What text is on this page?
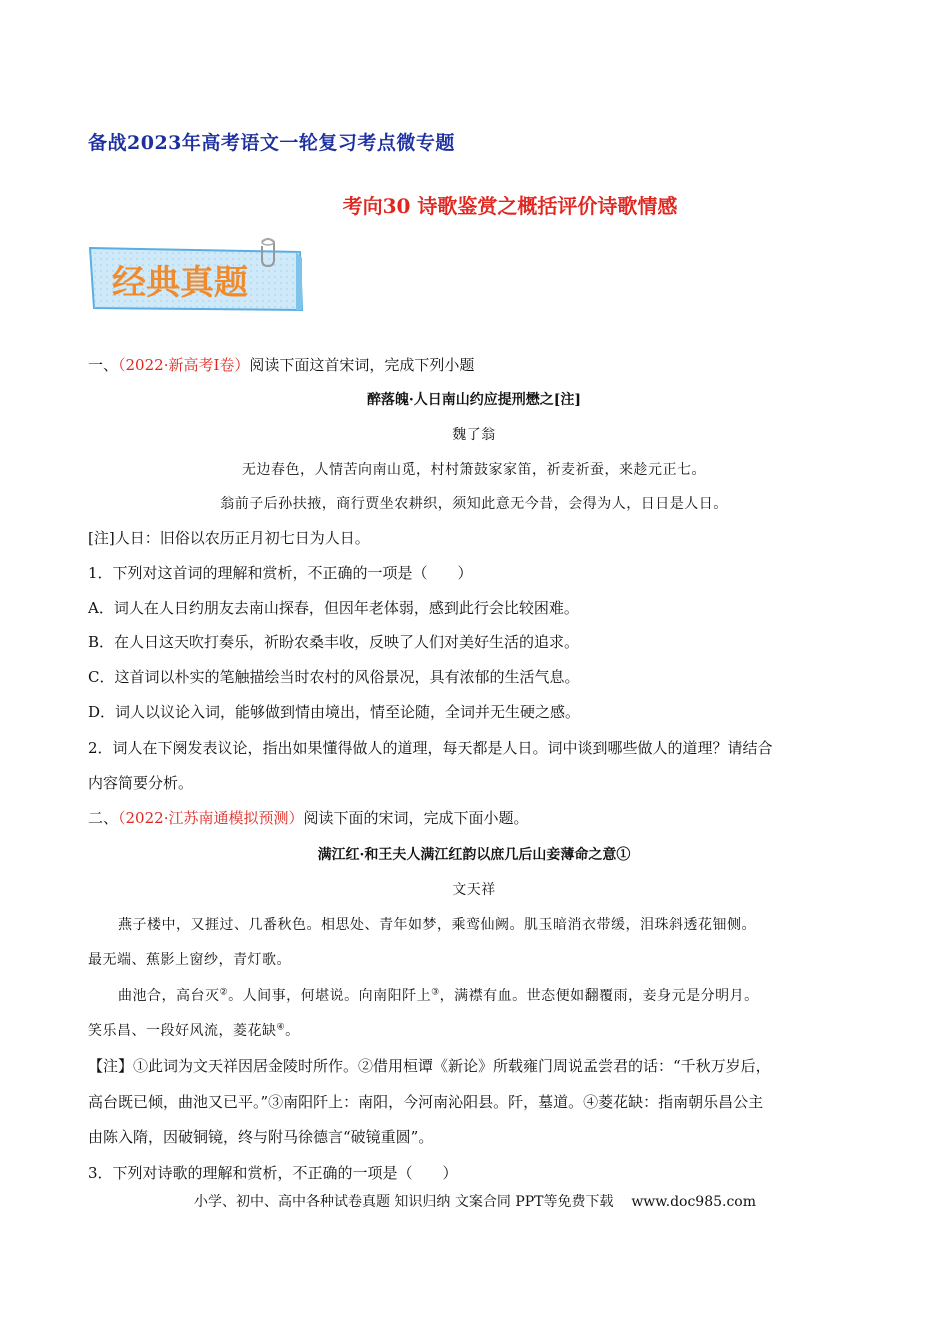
备战2023年高考语文一轮复习考点微专题
考向30 诗歌鉴赏之概括评价诗歌情感
经典真题
一、（2022·新高考Ⅰ卷）阅读下面这首宋词，完成下列小题
醉落魄·人日南山约应提刑懋之[注]
魏了翁
无边春色，人情苦向南山觅，村村箫鼓家家笛，祈麦祈蚕，来趁元正七。
翁前子后孙扶掖，商行贾坐农耕织，须知此意无今昔，会得为人，日日是人日。
[注]人日：旧俗以农历正月初七日为人日。
1．下列对这首词的理解和赏析，不正确的一项是（　　）
A．词人在人日约朋友去南山探春，但因年老体弱，感到此行会比较困难。
B．在人日这天吹打奏乐，祈盼农桑丰收，反映了人们对美好生活的追求。
C．这首词以朴实的笔触描绘当时农村的风俗景况，具有浓郁的生活气息。
D．词人以议论入词，能够做到情由境出，情至论随，全词并无生硬之感。
2．词人在下阕发表议论，指出如果懂得做人的道理，每天都是人日。词中谈到哪些做人的道理？请结合
内容简要分析。
二、（2022·江苏南通模拟预测）阅读下面的宋词，完成下面小题。
满江红·和王夫人满江红韵以庶几后山妾薄命之意①
文天祥
燕子楼中，又捱过、几番秋色。相思处、青年如梦，乘鸾仙阙。肌玉暗消衣带缓，泪珠斜透花钿侧。
最无端、蕉影上窗纱，青灯歌。
曲池合，高台灭②。人间事，何堪说。向南阳阡上③，满襟有血。世态便如翻覆雨，妾身元是分明月。
笑乐昌、一段好风流，菱花缺④。
【注】①此词为文天祥因居金陵时所作。②借用桓谭《新论》所载雍门周说孟尝君的话：“千秋万岁后，
高台既已倾，曲池又已平。”③南阳阡上：南阳，今河南沁阳县。阡，墓道。④菱花缺：指南朝乐昌公主
由陈入隋，因破铜镜，终与附马徐德言“破镜重圆”。
3．下列对诗歌的理解和赏析，不正确的一项是（　　）
小学、初中、高中各种试卷真题 知识归纳 文案合同 PPT等免费下载 www.doc985.com
